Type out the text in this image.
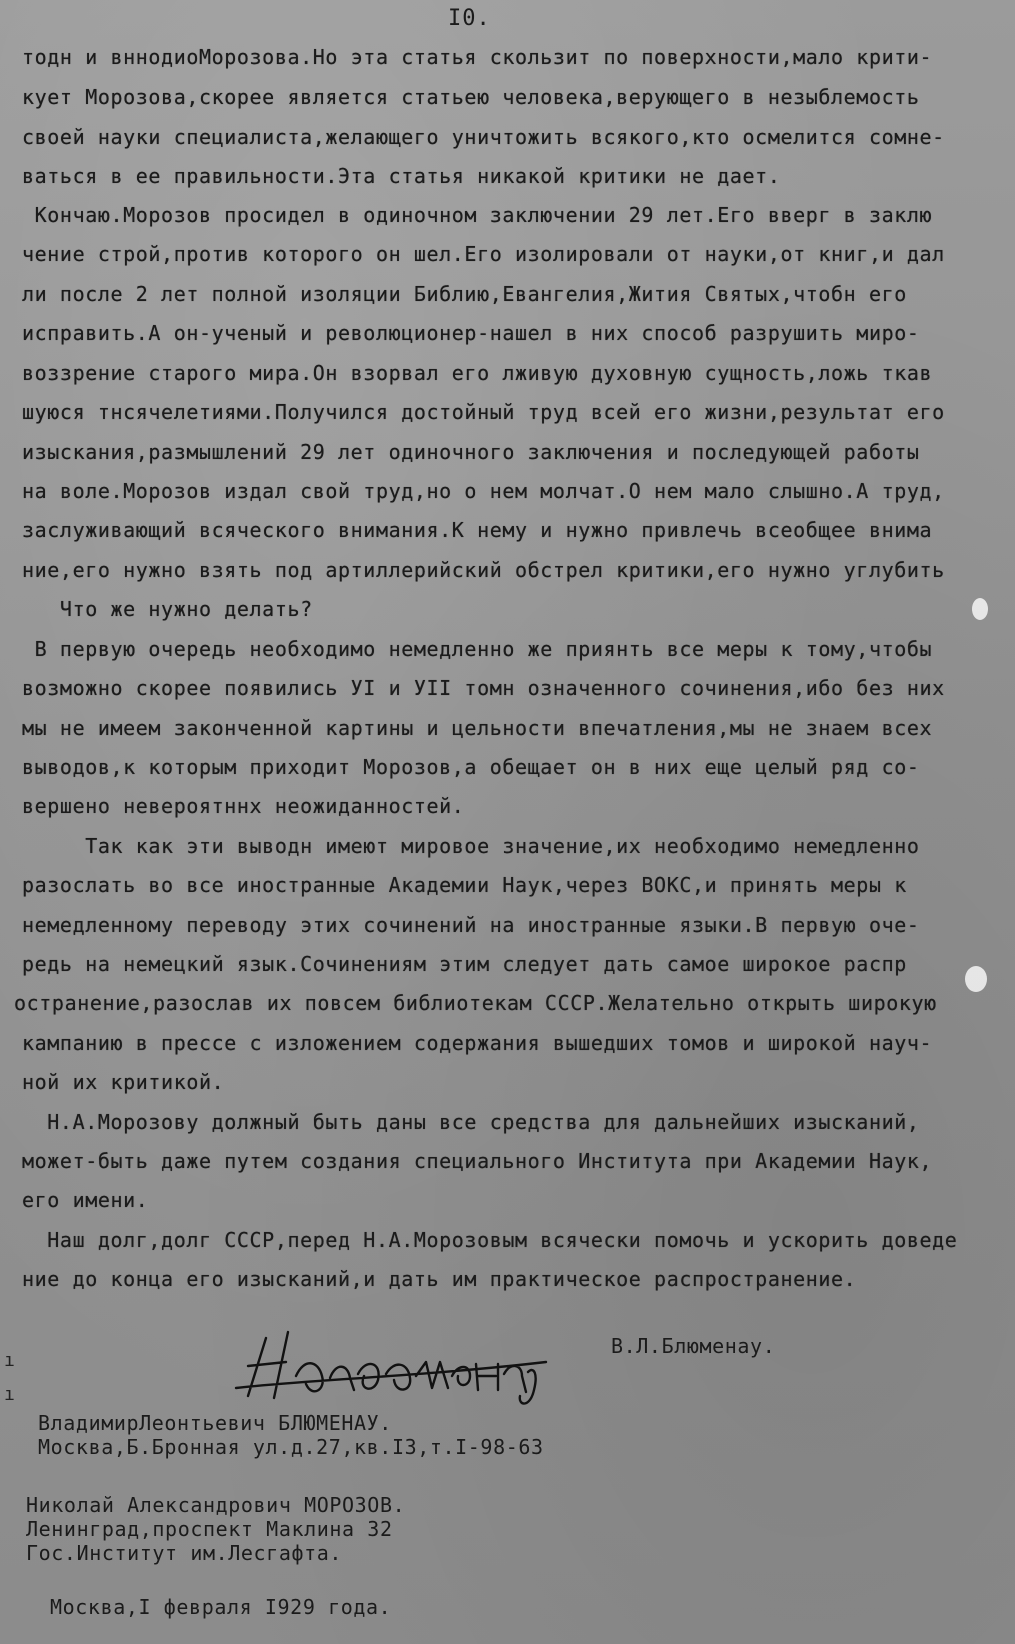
I0.
тодн и вннодиоМорозова.Но эта статья скользит по поверхности,мало крити-
кует Морозова,скорее является статьею человека,верующего в незыблемость
своей науки специалиста,желающего уничтожить всякого,кто осмелится сомне-
ваться в ее правильности.Эта статья никакой критики не дает.
Кончаю.Морозов просидел в одиночном заключении 29 лет.Его вверг в заклю
чение строй,против которого он шел.Его изолировали от науки,от книг,и дал
ли после 2 лет полной изоляции Библию,Евангелия,Жития Святых,чтобн его
исправить.А он-ученый и революционер-нашел в них способ разрушить миро-
воззрение старого мира.Он взорвал его лживую духовную сущность,ложь ткав
шуюся тнсячелетиями.Получился достойный труд всей его жизни,результат его
изыскания,размышлений 29 лет одиночного заключения и последующей работы
на воле.Морозов издал свой труд,но о нем молчат.О нем мало слышно.А труд,
заслуживающий всяческого внимания.К нему и нужно привлечь всеобщее внима
ние,его нужно взять под артиллерийский обстрел критики,его нужно углубить
Что же нужно делать?
В первую очередь необходимо немедленно же приянть все меры к тому,чтобы
возможно скорее появились УI и УII томн означенного сочинения,ибо без них
мы не имеем законченной картины и цельности впечатления,мы не знаем всех
выводов,к которым приходит Морозов,а обещает он в них еще целый ряд со-
вершено невероятннх неожиданностей.
Так как эти выводн имеют мировое значение,их необходимо немедленно
разослать во все иностранные Академии Наук,через ВОКС,и принять меры к
немедленному переводу этих сочинений на иностранные языки.В первую оче-
редь на немецкий язык.Сочинениям этим следует дать самое широкое распр
остранение,разослав их повсем библиотекам СССР.Желательно открыть широкую
кампанию в прессе с изложением содержания вышедших томов и широкой науч-
ной их критикой.
Н.А.Морозову должный быть даны все средства для дальнейших изысканий,
может-быть даже путем создания специального Института при Академии Наук,
его имени.
Наш долг,долг СССР,перед Н.А.Морозовым всячески помочь и ускорить доведе
ние до конца его изысканий,и дать им практическое распространение.
В.Л.Блюменау.
ВладимирЛеонтьевич БЛЮМЕНАУ.
Москва,Б.Бронная ул.д.27,кв.I3,т.I-98-63
Николай Александрович МОРОЗОВ.
Ленинград,проспект Маклина 32
Гос.Институт им.Лесгафта.
Москва,I февраля I929 года.
ı
ı
